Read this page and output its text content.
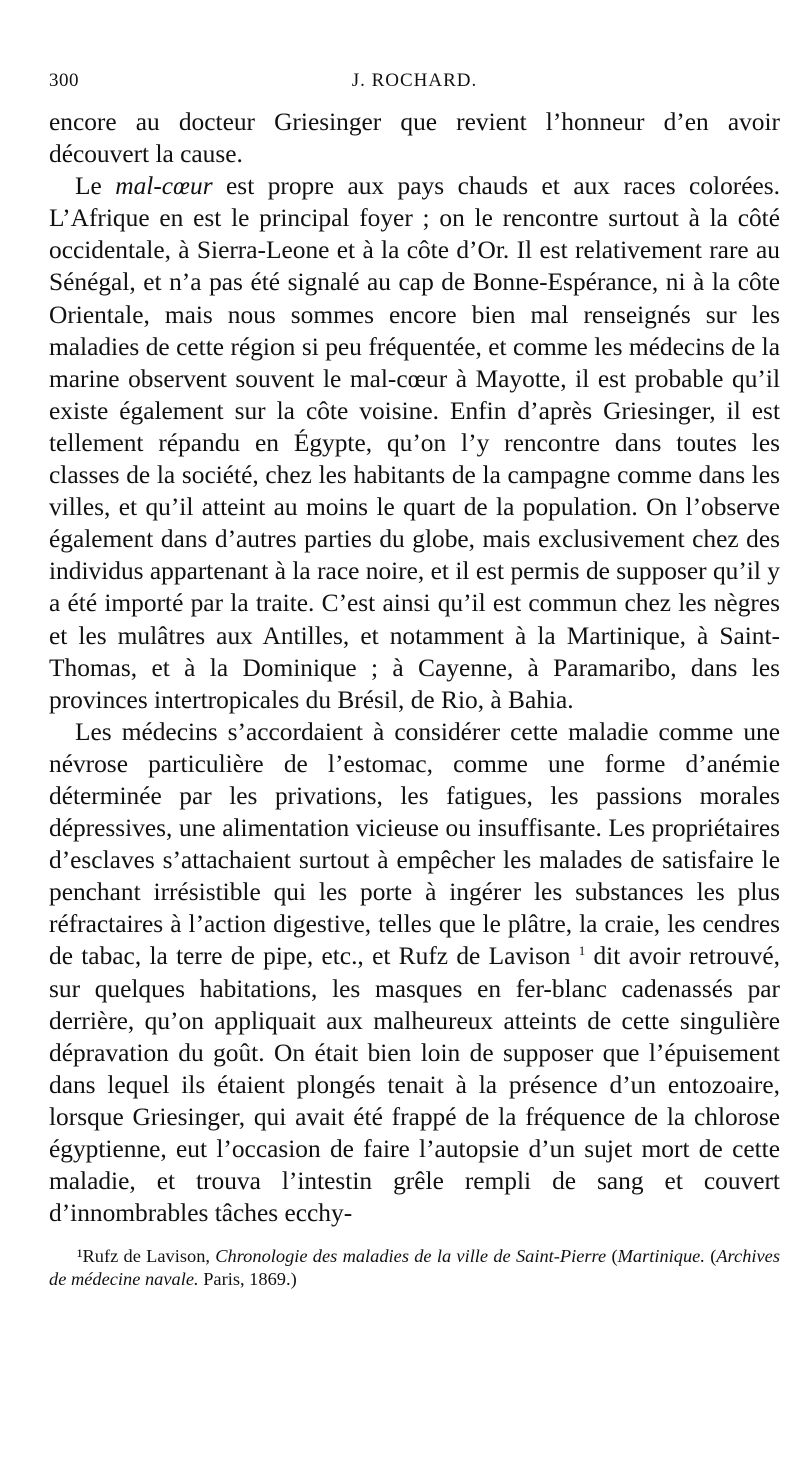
300	J. ROCHARD.

encore au docteur Griesinger que revient l’honneur d’en avoir découvert la cause.

Le mal-cœur est propre aux pays chauds et aux races colorées. L’Afrique en est le principal foyer ; on le rencontre surtout à la côté occidentale, à Sierra-Leone et à la côte d’Or. Il est relativement rare au Sénégal, et n’a pas été signalé au cap de Bonne-Espérance, ni à la côte Orientale, mais nous sommes encore bien mal renseignés sur les maladies de cette région si peu fréquentée, et comme les médecins de la marine observent souvent le mal-cœur à Mayotte, il est probable qu’il existe également sur la côte voisine. Enfin d’après Griesinger, il est tellement répandu en Égypte, qu’on l’y rencontre dans toutes les classes de la société, chez les habitants de la campagne comme dans les villes, et qu’il atteint au moins le quart de la population. On l’observe également dans d’autres parties du globe, mais exclusivement chez des individus appartenant à la race noire, et il est permis de supposer qu’il y a été importé par la traite. C’est ainsi qu’il est commun chez les nègres et les mulâtres aux Antilles, et notamment à la Martinique, à Saint-Thomas, et à la Dominique ; à Cayenne, à Paramaribo, dans les provinces intertropicales du Brésil, de Rio, à Bahia.

Les médecins s’accordaient à considérer cette maladie comme une névrose particulière de l’estomac, comme une forme d’anémie déterminée par les privations, les fatigues, les passions morales dépressives, une alimentation vicieuse ou insuffisante. Les propriétaires d’esclaves s’attachaient surtout à empêcher les malades de satisfaire le penchant irrésistible qui les porte à ingérer les substances les plus réfractaires à l’action digestive, telles que le plâtre, la craie, les cendres de tabac, la terre de pipe, etc., et Rufz de Lavison $^1$ dit avoir retrouvé, sur quelques habitations, les masques en fer-blanc cadenassés par derrière, qu’on appliquait aux malheureux atteints de cette singulière dépravation du goût. On était bien loin de supposer que l’épuisement dans lequel ils étaient plongés tenait à la présence d’un entozoaire, lorsque Griesinger, qui avait été frappé de la fréquence de la chlorose égyptienne, eut l’occasion de faire l’autopsie d’un sujet mort de cette maladie, et trouva l’intestin grêle rempli de sang et couvert d’innombrables tâches ecchy-

¹Rufz de Lavison, Chronologie des maladies de la ville de Saint-Pierre (Martinique. (Archives de médecine navale. Paris, 1869.)
